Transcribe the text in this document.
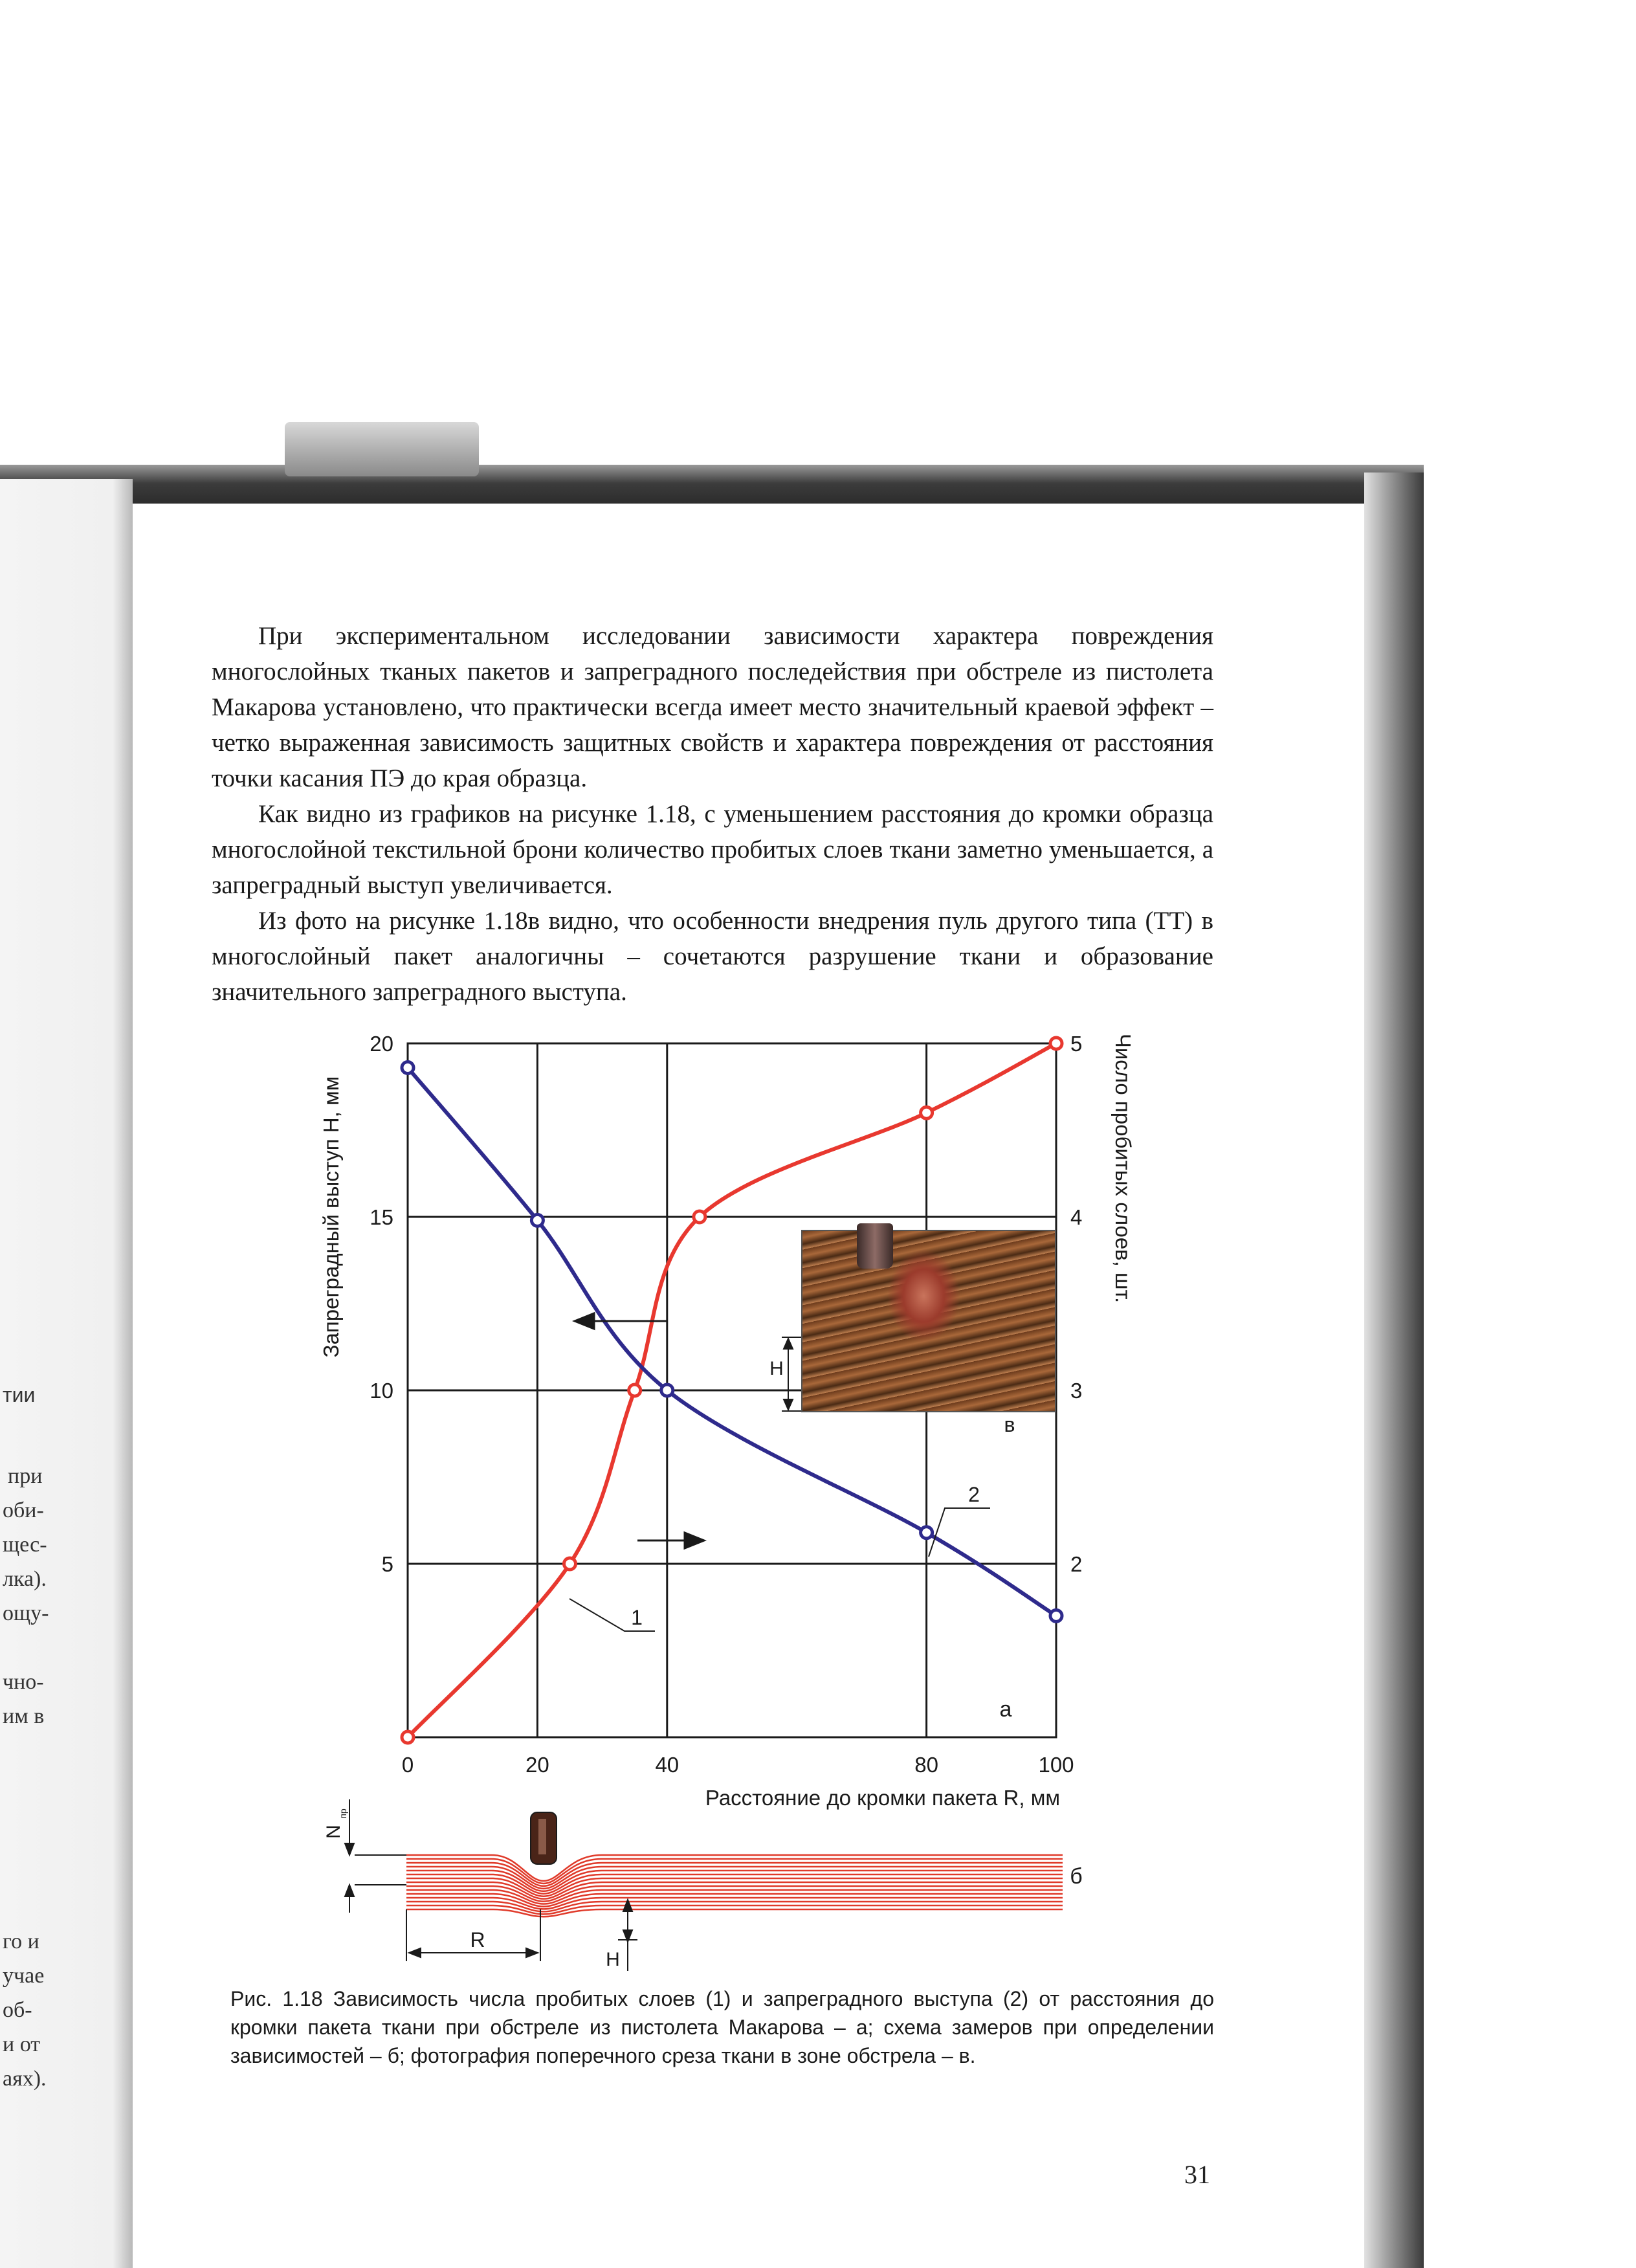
тии
при
оби-
щес-
лка).
ощу-
чно-
им в
го и
учае
об-
и от
аях).

При экспериментальном исследовании зависимости характера повреждения многослойных тканых пакетов и запреградного последействия при обстреле из пистолета Макарова установлено, что практически всегда имеет место значительный краевой эффект – четко выраженная зависимость защитных свойств и характера повреждения от расстояния точки касания ПЭ до края образца.

Как видно из графиков на рисунке 1.18, с уменьшением расстояния до кромки образца многослойной текстильной брони количество пробитых слоев ткани заметно уменьшается, а запреградный выступ увеличивается.

Из фото на рисунке 1.18в видно, что особенности внедрения пуль другого типа (ТТ) в многослойный пакет аналогичны – сочетаются разрушение ткани и образование значительного запреградного выступа.

0	20	40	80	100
5
10
15
20
2
3
4
5
Запреградный выступ Н, мм	Число пробитых слоев, шт.
Расстояние до кромки пакета R, мм
а
1
2
Н
в
N
пр
R
Н
б

Рис. 1.18 Зависимость числа пробитых слоев (1) и запреградного выступа (2) от расстояния до кромки пакета ткани при обстреле из пистолета Макарова – а; схема замеров при определении зависимостей – б; фотография поперечного среза ткани в зоне обстрела – в.

31
